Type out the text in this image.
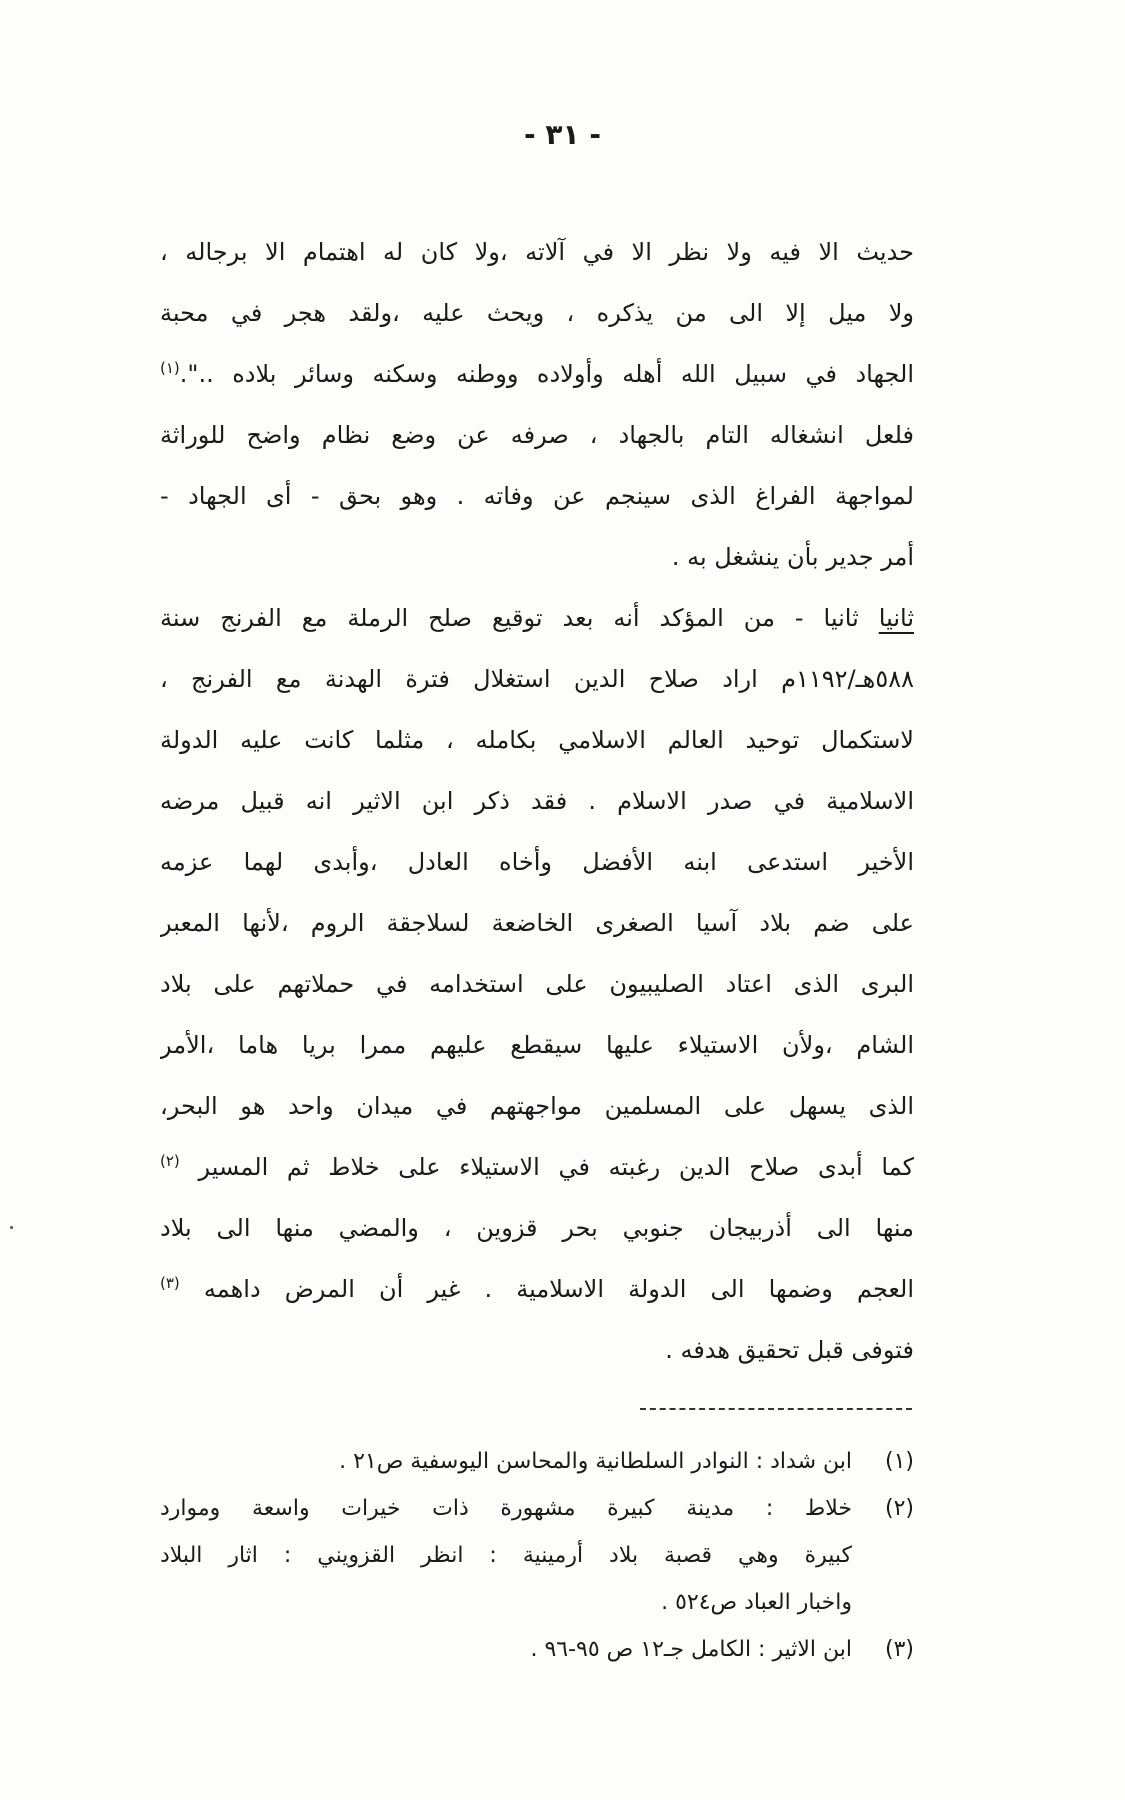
- ٣١ -
حديث الا فيه ولا نظر الا في آلاته ،ولا كان له اهتمام الا برجاله ،
ولا ميل إلا الى من يذكره ، ويحث عليه ،ولقد هجر في محبة
الجهاد في سبيل الله أهله وأولاده ووطنه وسكنه وسائر بلاده ..".$^{(١)}$
فلعل انشغاله التام بالجهاد ، صرفه عن وضع نظام واضح للوراثة
لمواجهة الفراغ الذى سينجم عن وفاته . وهو بحق - أى الجهاد -
أمر جدير بأن ينشغل به .
ثانيا ثانيا - من المؤكد أنه بعد توقيع صلح الرملة مع الفرنج سنة
٥٨٨هـ/١١٩٢م اراد صلاح الدين استغلال فترة الهدنة مع الفرنج ،
لاستكمال توحيد العالم الاسلامي بكامله ، مثلما كانت عليه الدولة
الاسلامية في صدر الاسلام . فقد ذكر ابن الاثير انه قبيل مرضه
الأخير استدعى ابنه الأفضل وأخاه العادل ،وأبدى لهما عزمه
على ضم بلاد آسيا الصغرى الخاضعة لسلاجقة الروم ،لأنها المعبر
البرى الذى اعتاد الصليبيون على استخدامه في حملاتهم على بلاد
الشام ،ولأن الاستيلاء عليها سيقطع عليهم ممرا بريا هاما ،الأمر
الذى يسهل على المسلمين مواجهتهم في ميدان واحد هو البحر،
كما أبدى صلاح الدين رغبته في الاستيلاء على خلاط ثم المسير $^{(٢)}$
منها الى أذربيجان جنوبي بحر قزوين ، والمضي منها الى بلاد
العجم وضمها الى الدولة الاسلامية . غير أن المرض داهمه $^{(٣)}$
فتوفى قبل تحقيق هدفه .
(١)
ابن شداد : النوادر السلطانية والمحاسن اليوسفية ص٢١ .
(٢)
خلاط : مدينة كبيرة مشهورة ذات خيرات واسعة وموارد
كبيرة وهي قصبة بلاد أرمينية : انظر القزويني : اثار البلاد
واخبار العباد ص٥٢٤ .
(٣)
ابن الاثير : الكامل جـ١٢ ص ٩٥-٩٦ .
